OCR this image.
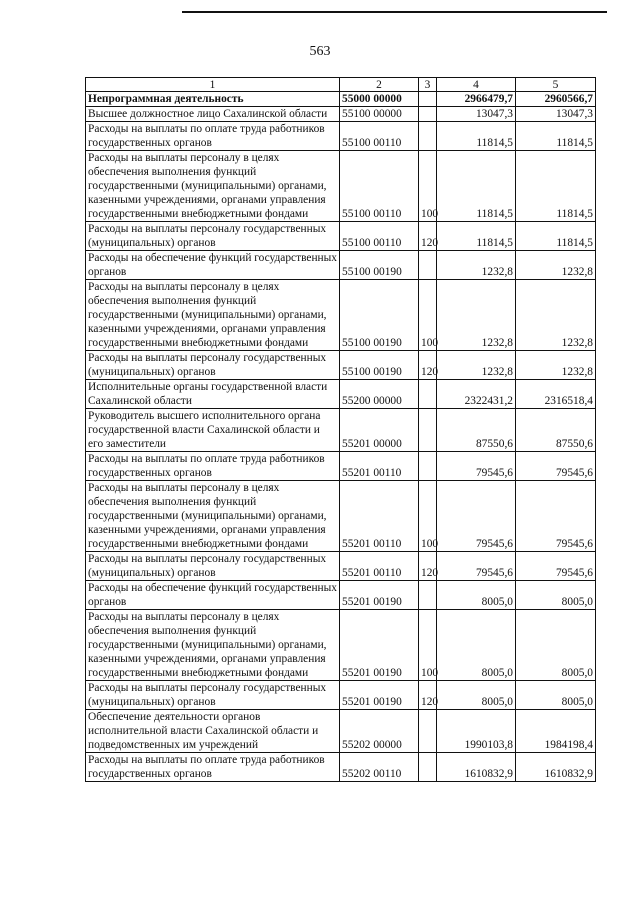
563
1	2	3	4	5
Непрограммная деятельность	55000 00000		2966479,7	2960566,7
Высшее должностное лицо Сахалинской области	55100 00000		13047,3	13047,3
Расходы на выплаты по оплате труда работников государственных органов	55100 00110		11814,5	11814,5
Расходы на выплаты персоналу в целях обеспечения выполнения функций государственными (муниципальными) органами, казенными учреждениями, органами управления государственными внебюджетными фондами	55100 00110	100	11814,5	11814,5
Расходы на выплаты персоналу государственных (муниципальных) органов	55100 00110	120	11814,5	11814,5
Расходы на обеспечение функций государственных органов	55100 00190		1232,8	1232,8
Расходы на выплаты персоналу в целях обеспечения выполнения функций государственными (муниципальными) органами, казенными учреждениями, органами управления государственными внебюджетными фондами	55100 00190	100	1232,8	1232,8
Расходы на выплаты персоналу государственных (муниципальных) органов	55100 00190	120	1232,8	1232,8
Исполнительные органы государственной власти Сахалинской области	55200 00000		2322431,2	2316518,4
Руководитель высшего исполнительного органа государственной власти Сахалинской области и его заместители	55201 00000		87550,6	87550,6
Расходы на выплаты по оплате труда работников государственных органов	55201 00110		79545,6	79545,6
Расходы на выплаты персоналу в целях обеспечения выполнения функций государственными (муниципальными) органами, казенными учреждениями, органами управления государственными внебюджетными фондами	55201 00110	100	79545,6	79545,6
Расходы на выплаты персоналу государственных (муниципальных) органов	55201 00110	120	79545,6	79545,6
Расходы на обеспечение функций государственных органов	55201 00190		8005,0	8005,0
Расходы на выплаты персоналу в целях обеспечения выполнения функций государственными (муниципальными) органами, казенными учреждениями, органами управления государственными внебюджетными фондами	55201 00190	100	8005,0	8005,0
Расходы на выплаты персоналу государственных (муниципальных) органов	55201 00190	120	8005,0	8005,0
Обеспечение деятельности органов исполнительной власти Сахалинской области и подведомственных им учреждений	55202 00000		1990103,8	1984198,4
Расходы на выплаты по оплате труда работников государственных органов	55202 00110		1610832,9	1610832,9
